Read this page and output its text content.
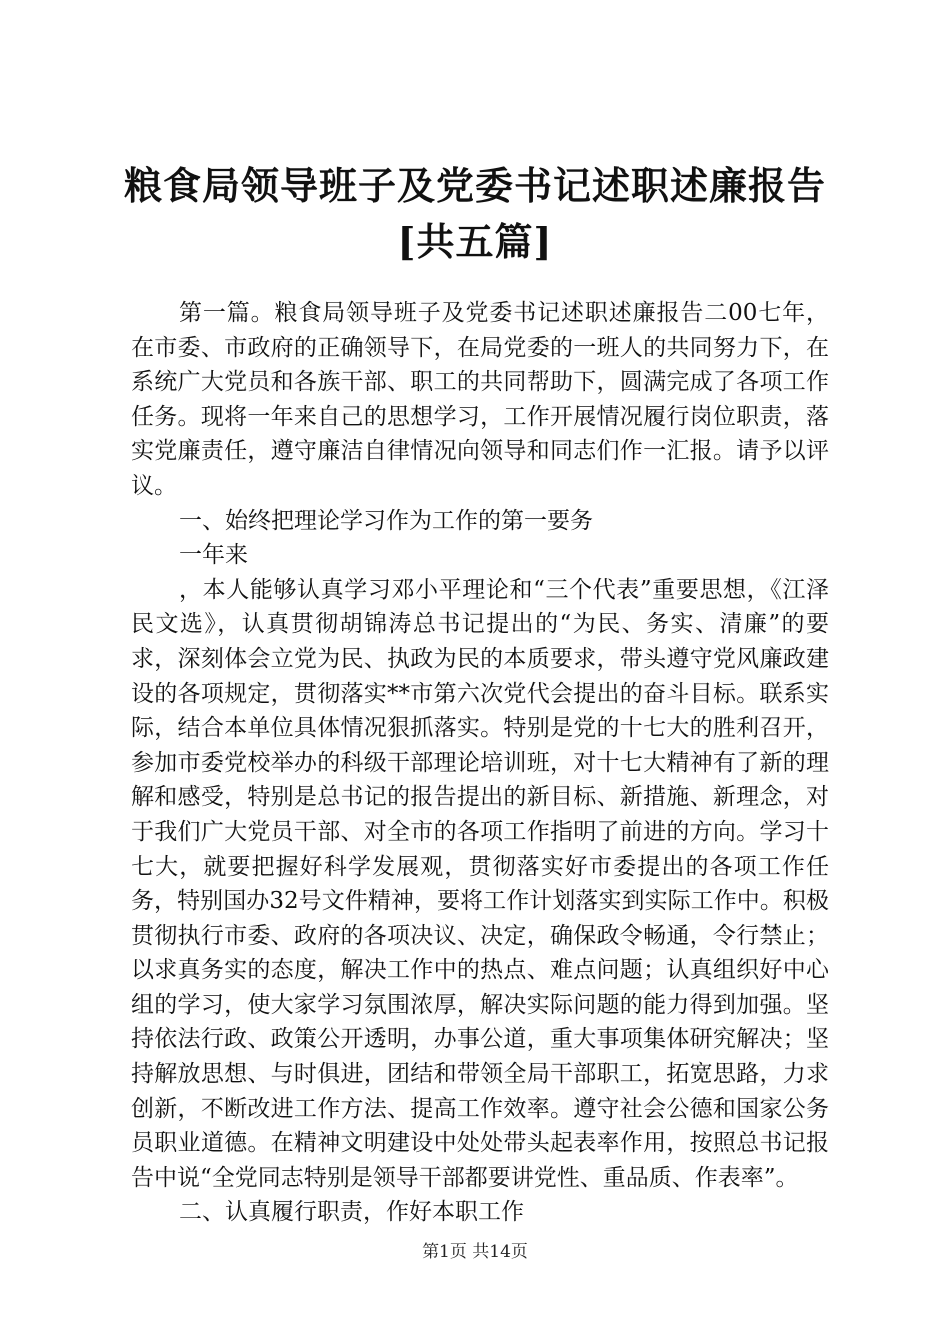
粮食局领导班子及党委书记述职述廉报告[共五篇]

第一篇。粮食局领导班子及党委书记述职述廉报告二00七年，在市委、市政府的正确领导下，在局党委的一班人的共同努力下，在系统广大党员和各族干部、职工的共同帮助下，圆满完成了各项工作任务。现将一年来自己的思想学习，工作开展情况履行岗位职责，落实党廉责任，遵守廉洁自律情况向领导和同志们作一汇报。请予以评议。

一、始终把理论学习作为工作的第一要务

一年来

，本人能够认真学习邓小平理论和“三个代表”重要思想，《江泽民文选》，认真贯彻胡锦涛总书记提出的“为民、务实、清廉”的要求，深刻体会立党为民、执政为民的本质要求，带头遵守党风廉政建设的各项规定，贯彻落实**市第六次党代会提出的奋斗目标。联系实际，结合本单位具体情况狠抓落实。特别是党的十七大的胜利召开，参加市委党校举办的科级干部理论培训班，对十七大精神有了新的理解和感受，特别是总书记的报告提出的新目标、新措施、新理念，对于我们广大党员干部、对全市的各项工作指明了前进的方向。学习十七大，就要把握好科学发展观，贯彻落实好市委提出的各项工作任务，特别国办32号文件精神，要将工作计划落实到实际工作中。积极贯彻执行市委、政府的各项决议、决定，确保政令畅通，令行禁止；以求真务实的态度，解决工作中的热点、难点问题；认真组织好中心组的学习，使大家学习氛围浓厚，解决实际问题的能力得到加强。坚持依法行政、政策公开透明，办事公道，重大事项集体研究解决；坚持解放思想、与时俱进，团结和带领全局干部职工，拓宽思路，力求创新，不断改进工作方法、提高工作效率。遵守社会公德和国家公务员职业道德。在精神文明建设中处处带头起表率作用，按照总书记报告中说“全党同志特别是领导干部都要讲党性、重品质、作表率”。

二、认真履行职责，作好本职工作

第1页 共14页
